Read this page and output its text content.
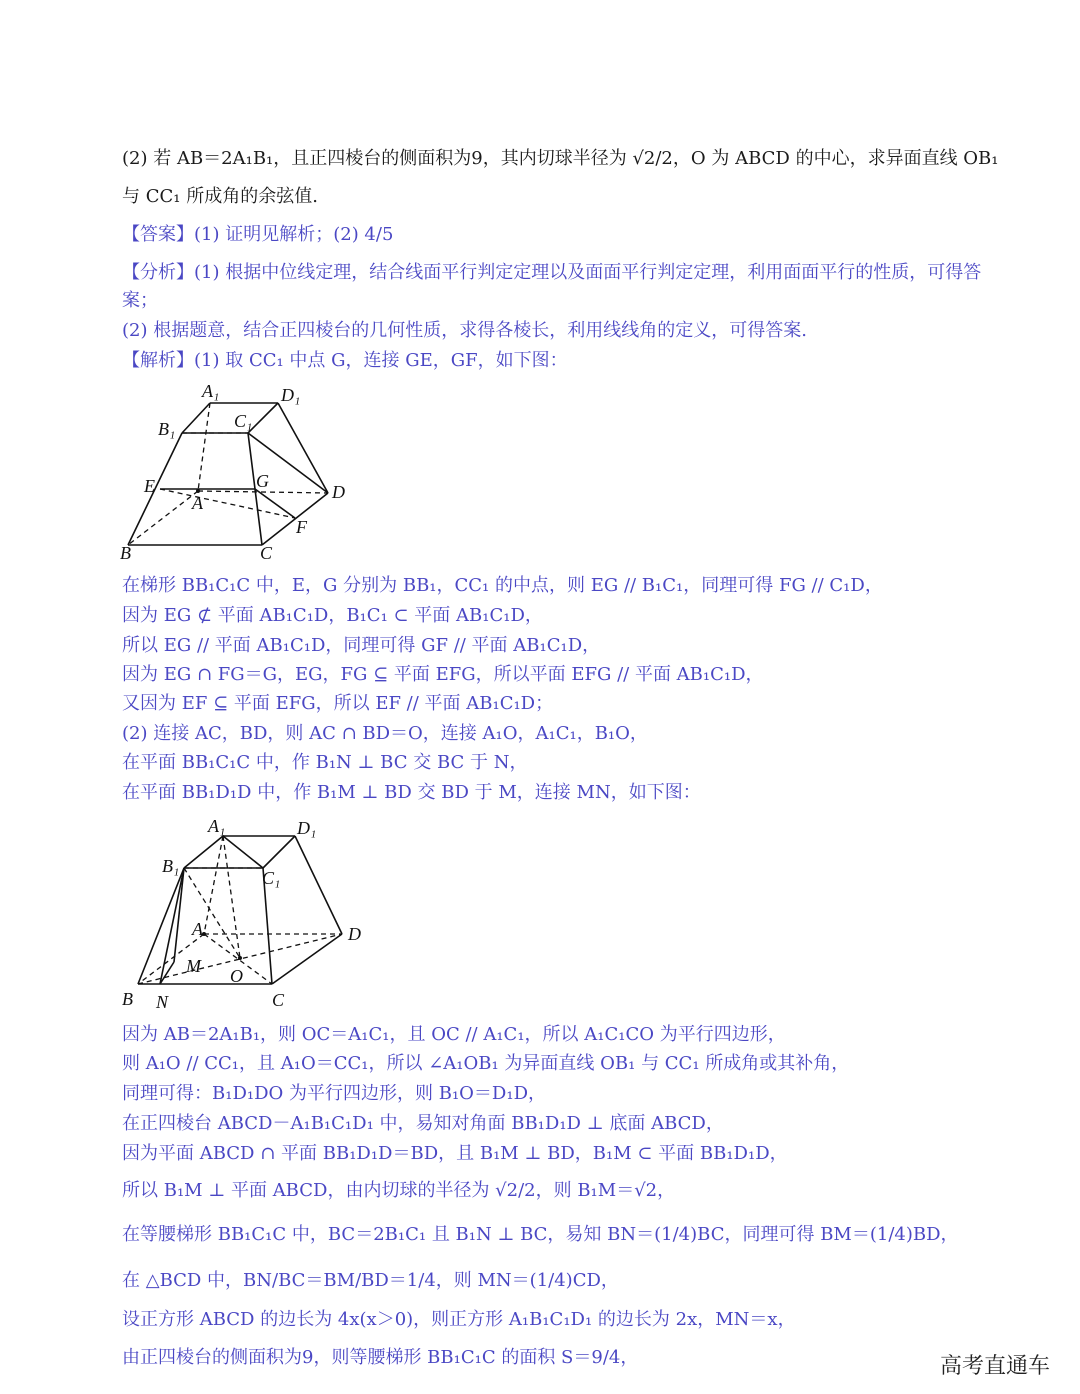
(2) 若 AB＝2A₁B₁，且正四棱台的侧面积为9，其内切球半径为 √2/2，O 为 ABCD 的中心，求异面直线 OB₁
与 CC₁ 所成角的余弦值.
【答案】(1) 证明见解析；(2) 4/5
【分析】(1) 根据中位线定理，结合线面平行判定定理以及面面平行判定定理，利用面面平行的性质，可得答
案；
(2) 根据题意，结合正四棱台的几何性质，求得各棱长，利用线线角的定义，可得答案.
【解析】(1) 取 CC₁ 中点 G，连接 GE，GF，如下图：
A₁	D₁
B₁	C₁
E	G
A
D
F
B	C
在梯形 BB₁C₁C 中，E，G 分别为 BB₁，CC₁ 的中点，则 EG // B₁C₁，同理可得 FG // C₁D，
因为 EG ⊄ 平面 AB₁C₁D，B₁C₁ ⊂ 平面 AB₁C₁D，
所以 EG // 平面 AB₁C₁D，同理可得 GF // 平面 AB₁C₁D，
因为 EG ∩ FG＝G，EG，FG ⊆ 平面 EFG，所以平面 EFG // 平面 AB₁C₁D，
又因为 EF ⊆ 平面 EFG，所以 EF // 平面 AB₁C₁D；
(2) 连接 AC，BD，则 AC ∩ BD＝O，连接 A₁O，A₁C₁，B₁O，
在平面 BB₁C₁C 中，作 B₁N ⊥ BC 交 BC 于 N，
在平面 BB₁D₁D 中，作 B₁M ⊥ BD 交 BD 于 M，连接 MN，如下图：
A₁	D₁
B₁
C₁
A	D
M O
B N	C
因为 AB＝2A₁B₁，则 OC＝A₁C₁，且 OC // A₁C₁，所以 A₁C₁CO 为平行四边形，
则 A₁O // CC₁，且 A₁O＝CC₁，所以 ∠A₁OB₁ 为异面直线 OB₁ 与 CC₁ 所成角或其补角，
同理可得：B₁D₁DO 为平行四边形，则 B₁O＝D₁D，
在正四棱台 ABCD－A₁B₁C₁D₁ 中，易知对角面 BB₁D₁D ⊥ 底面 ABCD，
因为平面 ABCD ∩ 平面 BB₁D₁D＝BD，且 B₁M ⊥ BD，B₁M ⊂ 平面 BB₁D₁D，
所以 B₁M ⊥ 平面 ABCD，由内切球的半径为 √2/2，则 B₁M＝√2，
在等腰梯形 BB₁C₁C 中，BC＝2B₁C₁ 且 B₁N ⊥ BC，易知 BN＝(1/4)BC，同理可得 BM＝(1/4)BD，
在 △BCD 中，BN/BC＝BM/BD＝1/4，则 MN＝(1/4)CD，
设正方形 ABCD 的边长为 4x(x＞0)，则正方形 A₁B₁C₁D₁ 的边长为 2x，MN＝x，
由正四棱台的侧面积为9，则等腰梯形 BB₁C₁C 的面积 S＝9/4，	高考直通车
